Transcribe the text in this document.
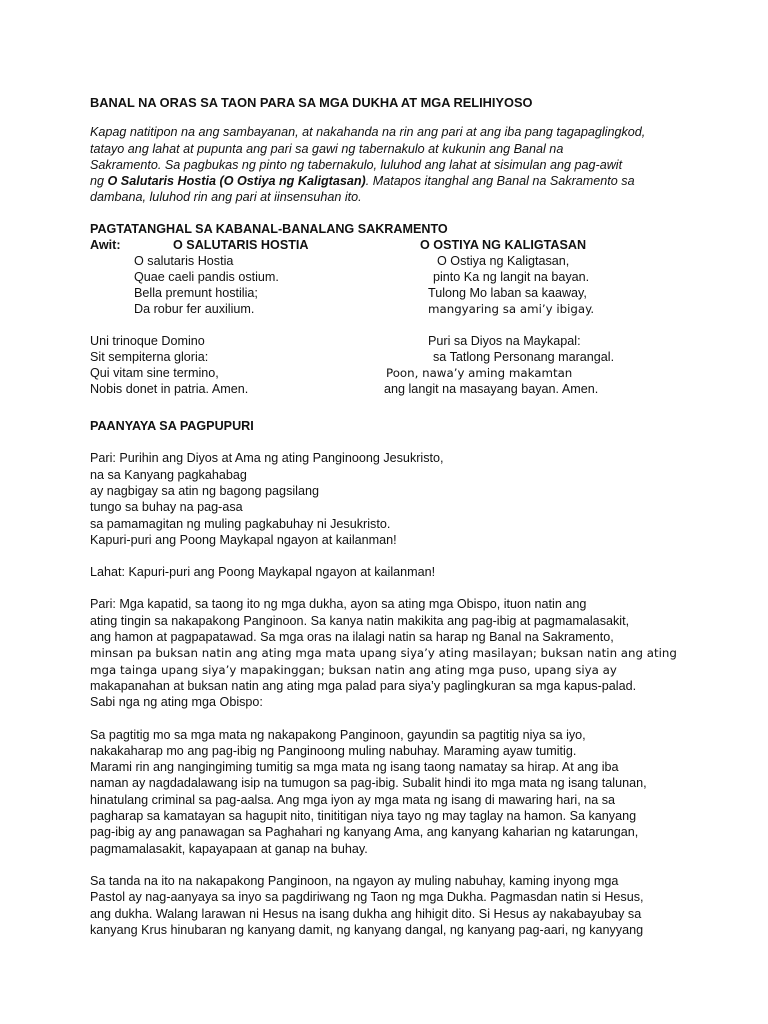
BANAL NA ORAS SA TAON PARA SA MGA DUKHA AT MGA RELIHIYOSO
Kapag natitipon na ang sambayanan, at nakahanda na rin ang pari at ang iba pang tagapaglingkod,
tatayo ang lahat at pupunta ang pari sa gawi ng tabernakulo at kukunin ang Banal na
Sakramento. Sa pagbukas ng pinto ng tabernakulo, luluhod ang lahat at sisimulan ang pag-awit
ng O Salutaris Hostia (O Ostiya ng Kaligtasan). Matapos itanghal ang Banal na Sakramento sa
dambana, luluhod rin ang pari at iinsensuhan ito.
PAGTATANGHAL SA KABANAL-BANALANG SAKRAMENTO
Awit:	O SALUTARIS HOSTIA	O OSTIYA NG KALIGTASAN
O salutaris Hostia
Quae caeli pandis ostium.
Bella premunt hostilia;
Da robur fer auxilium.
O Ostiya ng Kaligtasan,
pinto Ka ng langit na bayan.
Tulong Mo laban sa kaaway,
mangyaring sa ami’y ibigay.
Uni trinoque Domino
Sit sempiterna gloria:
Qui vitam sine termino,
Nobis donet in patria. Amen.
Puri sa Diyos na Maykapal:
sa Tatlong Personang marangal.
Poon, nawa’y aming makamtan
ang langit na masayang bayan. Amen.
PAANYAYA SA PAGPUPURI
Pari: Purihin ang Diyos at Ama ng ating Panginoong Jesukristo,
na sa Kanyang pagkahabag
ay nagbigay sa atin ng bagong pagsilang
tungo sa buhay na pag-asa
sa pamamagitan ng muling pagkabuhay ni Jesukristo.
Kapuri-puri ang Poong Maykapal ngayon at kailanman!
Lahat: Kapuri-puri ang Poong Maykapal ngayon at kailanman!
Pari: Mga kapatid, sa taong ito ng mga dukha, ayon sa ating mga Obispo, ituon natin ang
ating tingin sa nakapakong Panginoon. Sa kanya natin makikita ang pag-ibig at pagmamalasakit,
ang hamon at pagpapatawad. Sa mga oras na ilalagi natin sa harap ng Banal na Sakramento,
minsan pa buksan natin ang ating mga mata upang siya’y ating masilayan; buksan natin ang ating
mga tainga upang siya’y mapakinggan; buksan natin ang ating mga puso, upang siya ay
makapanahan at buksan natin ang ating mga palad para siya’y paglingkuran sa mga kapus-palad.
Sabi nga ng ating mga Obispo:
Sa pagtitig mo sa mga mata ng nakapakong Panginoon, gayundin sa pagtitig niya sa iyo,
nakakaharap mo ang pag-ibig ng Panginoong muling nabuhay. Maraming ayaw tumitig.
Marami rin ang nangingiming tumitig sa mga mata ng isang taong namatay sa hirap. At ang iba
naman ay nagdadalawang isip na tumugon sa pag-ibig. Subalit hindi ito mga mata ng isang talunan,
hinatulang criminal sa pag-aalsa. Ang mga iyon ay mga mata ng isang di mawaring hari, na sa
pagharap sa kamatayan sa hagupit nito, tinititigan niya tayo ng may taglay na hamon. Sa kanyang
pag-ibig ay ang panawagan sa Paghahari ng kanyang Ama, ang kanyang kaharian ng katarungan,
pagmamalasakit, kapayapaan at ganap na buhay.
Sa tanda na ito na nakapakong Panginoon, na ngayon ay muling nabuhay, kaming inyong mga
Pastol ay nag-aanyaya sa inyo sa pagdiriwang ng Taon ng mga Dukha. Pagmasdan natin si Hesus,
ang dukha. Walang larawan ni Hesus na isang dukha ang hihigit dito. Si Hesus ay nakabayubay sa
kanyang Krus hinubaran ng kanyang damit, ng kanyang dangal, ng kanyang pag-aari, ng kanyyang
